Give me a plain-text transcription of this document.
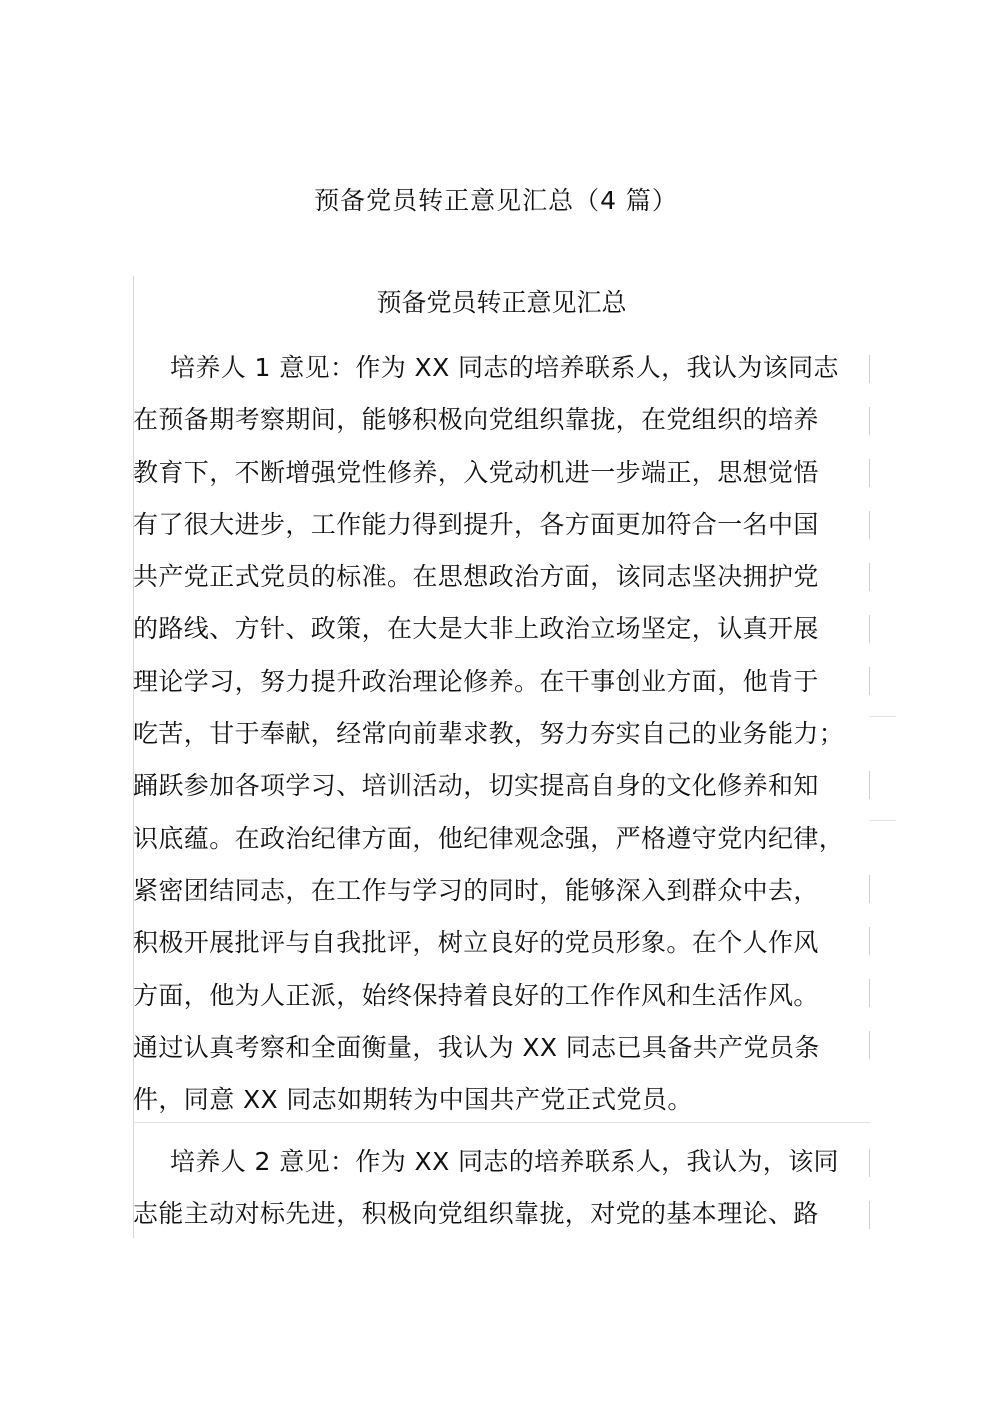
预备党员转正意见汇总（4 篇）
预备党员转正意见汇总

培养人 1 意见：作为 XX 同志的培养联系人，我认为该同志
在预备期考察期间，能够积极向党组织靠拢，在党组织的培养
教育下，不断增强党性修养，入党动机进一步端正，思想觉悟
有了很大进步，工作能力得到提升，各方面更加符合一名中国
共产党正式党员的标准。在思想政治方面，该同志坚决拥护党
的路线、方针、政策，在大是大非上政治立场坚定，认真开展
理论学习，努力提升政治理论修养。在干事创业方面，他肯于
吃苦，甘于奉献，经常向前辈求教，努力夯实自己的业务能力；
踊跃参加各项学习、培训活动，切实提高自身的文化修养和知
识底蕴。在政治纪律方面，他纪律观念强，严格遵守党内纪律，
紧密团结同志，在工作与学习的同时，能够深入到群众中去，
积极开展批评与自我批评，树立良好的党员形象。在个人作风
方面，他为人正派，始终保持着良好的工作作风和生活作风。
通过认真考察和全面衡量，我认为 XX 同志已具备共产党员条
件，同意 XX 同志如期转为中国共产党正式党员。

培养人 2 意见：作为 XX 同志的培养联系人，我认为，该同
志能主动对标先进，积极向党组织靠拢，对党的基本理论、路
